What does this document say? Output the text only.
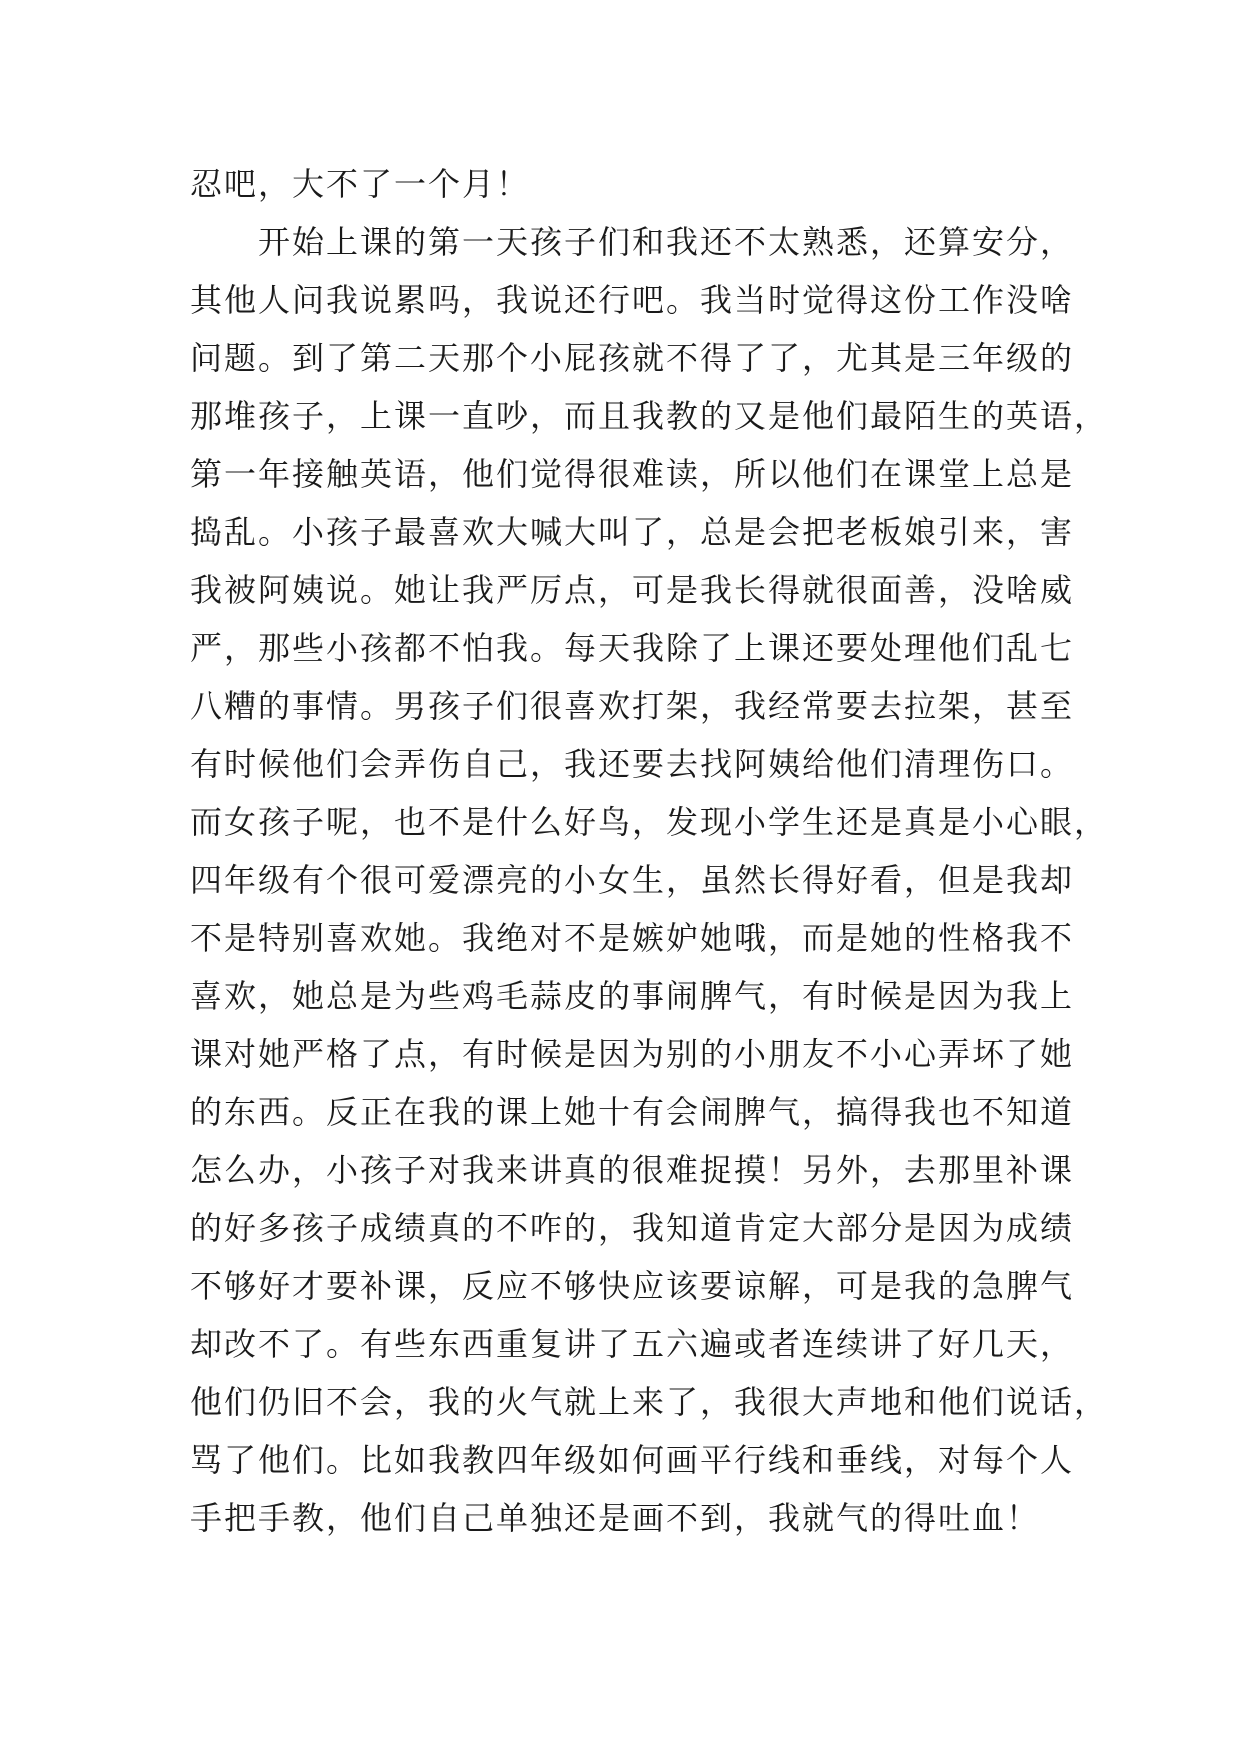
忍吧，大不了一个月！
开始上课的第一天孩子们和我还不太熟悉，还算安分，
其他人问我说累吗，我说还行吧。我当时觉得这份工作没啥
问题。到了第二天那个小屁孩就不得了了，尤其是三年级的
那堆孩子，上课一直吵，而且我教的又是他们最陌生的英语，
第一年接触英语，他们觉得很难读，所以他们在课堂上总是
捣乱。小孩子最喜欢大喊大叫了，总是会把老板娘引来，害
我被阿姨说。她让我严厉点，可是我长得就很面善，没啥威
严，那些小孩都不怕我。每天我除了上课还要处理他们乱七
八糟的事情。男孩子们很喜欢打架，我经常要去拉架，甚至
有时候他们会弄伤自己，我还要去找阿姨给他们清理伤口。
而女孩子呢，也不是什么好鸟，发现小学生还是真是小心眼，
四年级有个很可爱漂亮的小女生，虽然长得好看，但是我却
不是特别喜欢她。我绝对不是嫉妒她哦，而是她的性格我不
喜欢，她总是为些鸡毛蒜皮的事闹脾气，有时候是因为我上
课对她严格了点，有时候是因为别的小朋友不小心弄坏了她
的东西。反正在我的课上她十有会闹脾气，搞得我也不知道
怎么办，小孩子对我来讲真的很难捉摸！另外，去那里补课
的好多孩子成绩真的不咋的，我知道肯定大部分是因为成绩
不够好才要补课，反应不够快应该要谅解，可是我的急脾气
却改不了。有些东西重复讲了五六遍或者连续讲了好几天，
他们仍旧不会，我的火气就上来了，我很大声地和他们说话，
骂了他们。比如我教四年级如何画平行线和垂线，对每个人
手把手教，他们自己单独还是画不到，我就气的得吐血！
